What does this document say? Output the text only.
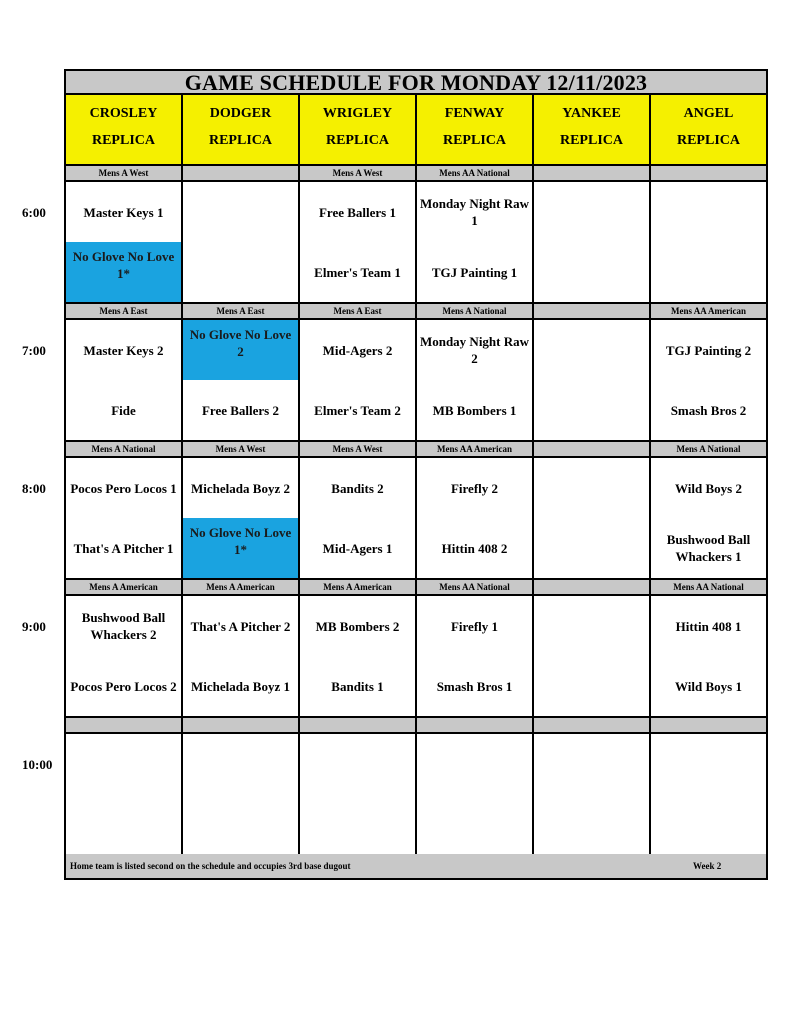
6:00
7:00
8:00
9:00
10:00
GAME SCHEDULE FOR MONDAY 12/11/2023
CROSLEY
REPLICA
DODGER
REPLICA
WRIGLEY
REPLICA
FENWAY
REPLICA
YANKEE
REPLICA
ANGEL
REPLICA
Mens A West
Master Keys 1
No Glove No Love 1*
Mens A West
Free Ballers 1
Elmer's Team 1
Mens AA National
Monday Night Raw 1
TGJ Painting 1
Mens A East
Master Keys 2
Fide
Mens A East
No Glove No Love 2
Free Ballers 2
Mens A East
Mid-Agers 2
Elmer's Team 2
Mens A National
Monday Night Raw 2
MB Bombers 1
Mens AA American
TGJ Painting 2
Smash Bros 2
Mens A National
Pocos Pero Locos 1
That's A Pitcher 1
Mens A West
Michelada Boyz 2
No Glove No Love 1*
Mens A West
Bandits 2
Mid-Agers 1
Mens AA American
Firefly 2
Hittin 408 2
Mens A National
Wild Boys 2
Bushwood Ball Whackers 1
Mens A American
Bushwood Ball Whackers 2
Pocos Pero Locos 2
Mens A American
That's A Pitcher 2
Michelada Boyz 1
Mens A American
MB Bombers 2
Bandits 1
Mens AA National
Firefly 1
Smash Bros 1
Mens AA National
Hittin 408 1
Wild Boys 1
Home team is listed second on the schedule and occupies 3rd base dugout	Week 2
